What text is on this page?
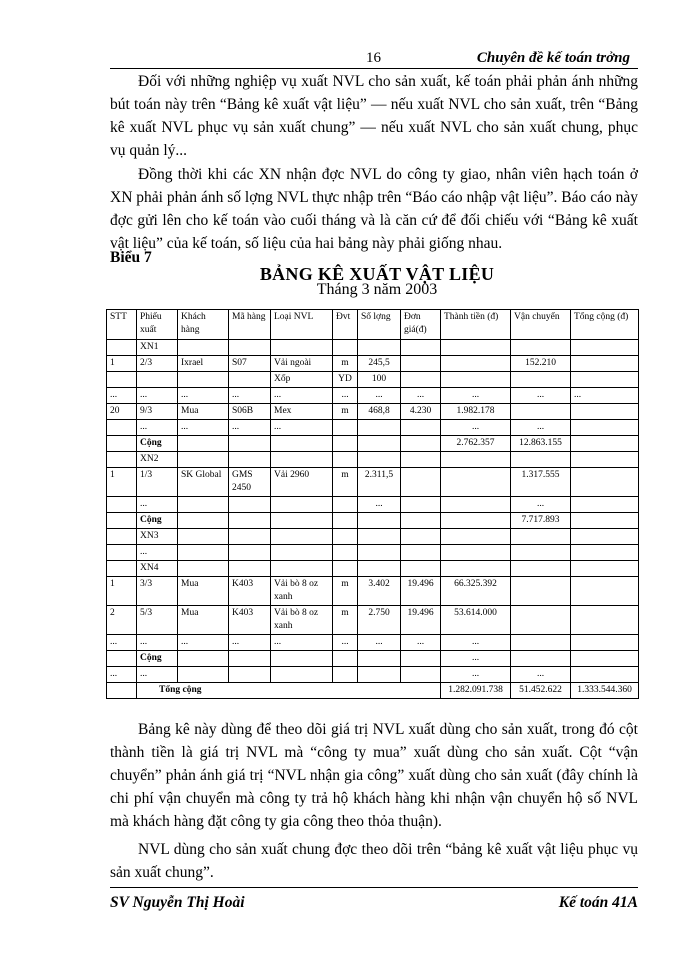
16	Chuyên đề kế toán trởng
Đối với những nghiệp vụ xuất NVL cho sản xuất, kế toán phải phản ánh những bút toán này trên “Bảng kê xuất vật liệu” — nếu xuất NVL cho sản xuất, trên “Bảng kê xuất NVL phục vụ sản xuất chung” — nếu xuất NVL cho sản xuất chung, phục vụ quản lý...
Đồng thời khi các XN nhận đợc NVL do công ty giao, nhân viên hạch toán ở XN phải phản ánh số lợng NVL thực nhập trên “Báo cáo nhập vật liệu”. Báo cáo này đợc gửi lên cho kế toán vào cuối tháng và là căn cứ để đối chiếu với “Bảng kê xuất vật liệu” của kế toán, số liệu của hai bảng này phải giống nhau.
Biểu 7
BẢNG KÊ XUẤT VẬT LIỆU
Tháng 3 năm 2003
STT	Phiếu xuất	Khách hàng	Mã hàng	Loại NVL	Đvt	Số lợng	Đơn giá(đ)	Thành tiền (đ)	Vận chuyển	Tổng cộng (đ)
	XN1									
1	2/3	Ixrael	S07	Vải ngoài	m	245,5			152.210	
				Xốp	YD	100				
...	...	...	...	...	...	...	...	...	...	...
20	9/3	Mua	S06B	Mex	m	468,8	4.230	1.982.178		
	...	...	...	...				...	...	
	Cộng							2.762.357	12.863.155	
	XN2									
1	1/3	SK Global	GMS 2450	Vải 2960	m	2.311,5			1.317.555	
	...					...			...	
	Cộng								7.717.893	
	XN3									
	...									
	XN4									
1	3/3	Mua	K403	Vải bò 8 oz xanh	m	3.402	19.496	66.325.392		
2	5/3	Mua	K403	Vải bò 8 oz xanh	m	2.750	19.496	53.614.000		
...	...	...	...	...	...	...	...	...		
	Cộng							...		
...	...							...	...	
	Tổng cộng							1.282.091.738	51.452.622	1.333.544.360
Bảng kê này dùng để theo dõi giá trị NVL xuất dùng cho sản xuất, trong đó cột thành tiền là giá trị NVL mà “công ty mua” xuất dùng cho sản xuất. Cột “vận chuyển” phản ánh giá trị “NVL nhận gia công” xuất dùng cho sản xuất (đây chính là chi phí vận chuyển mà công ty trả hộ khách hàng khi nhận vận chuyển hộ số NVL mà khách hàng đặt công ty gia công theo thỏa thuận).
NVL dùng cho sản xuất chung đợc theo dõi trên “bảng kê xuất vật liệu phục vụ sản xuất chung”.
SV Nguyễn Thị Hoài	Kế toán 41A
